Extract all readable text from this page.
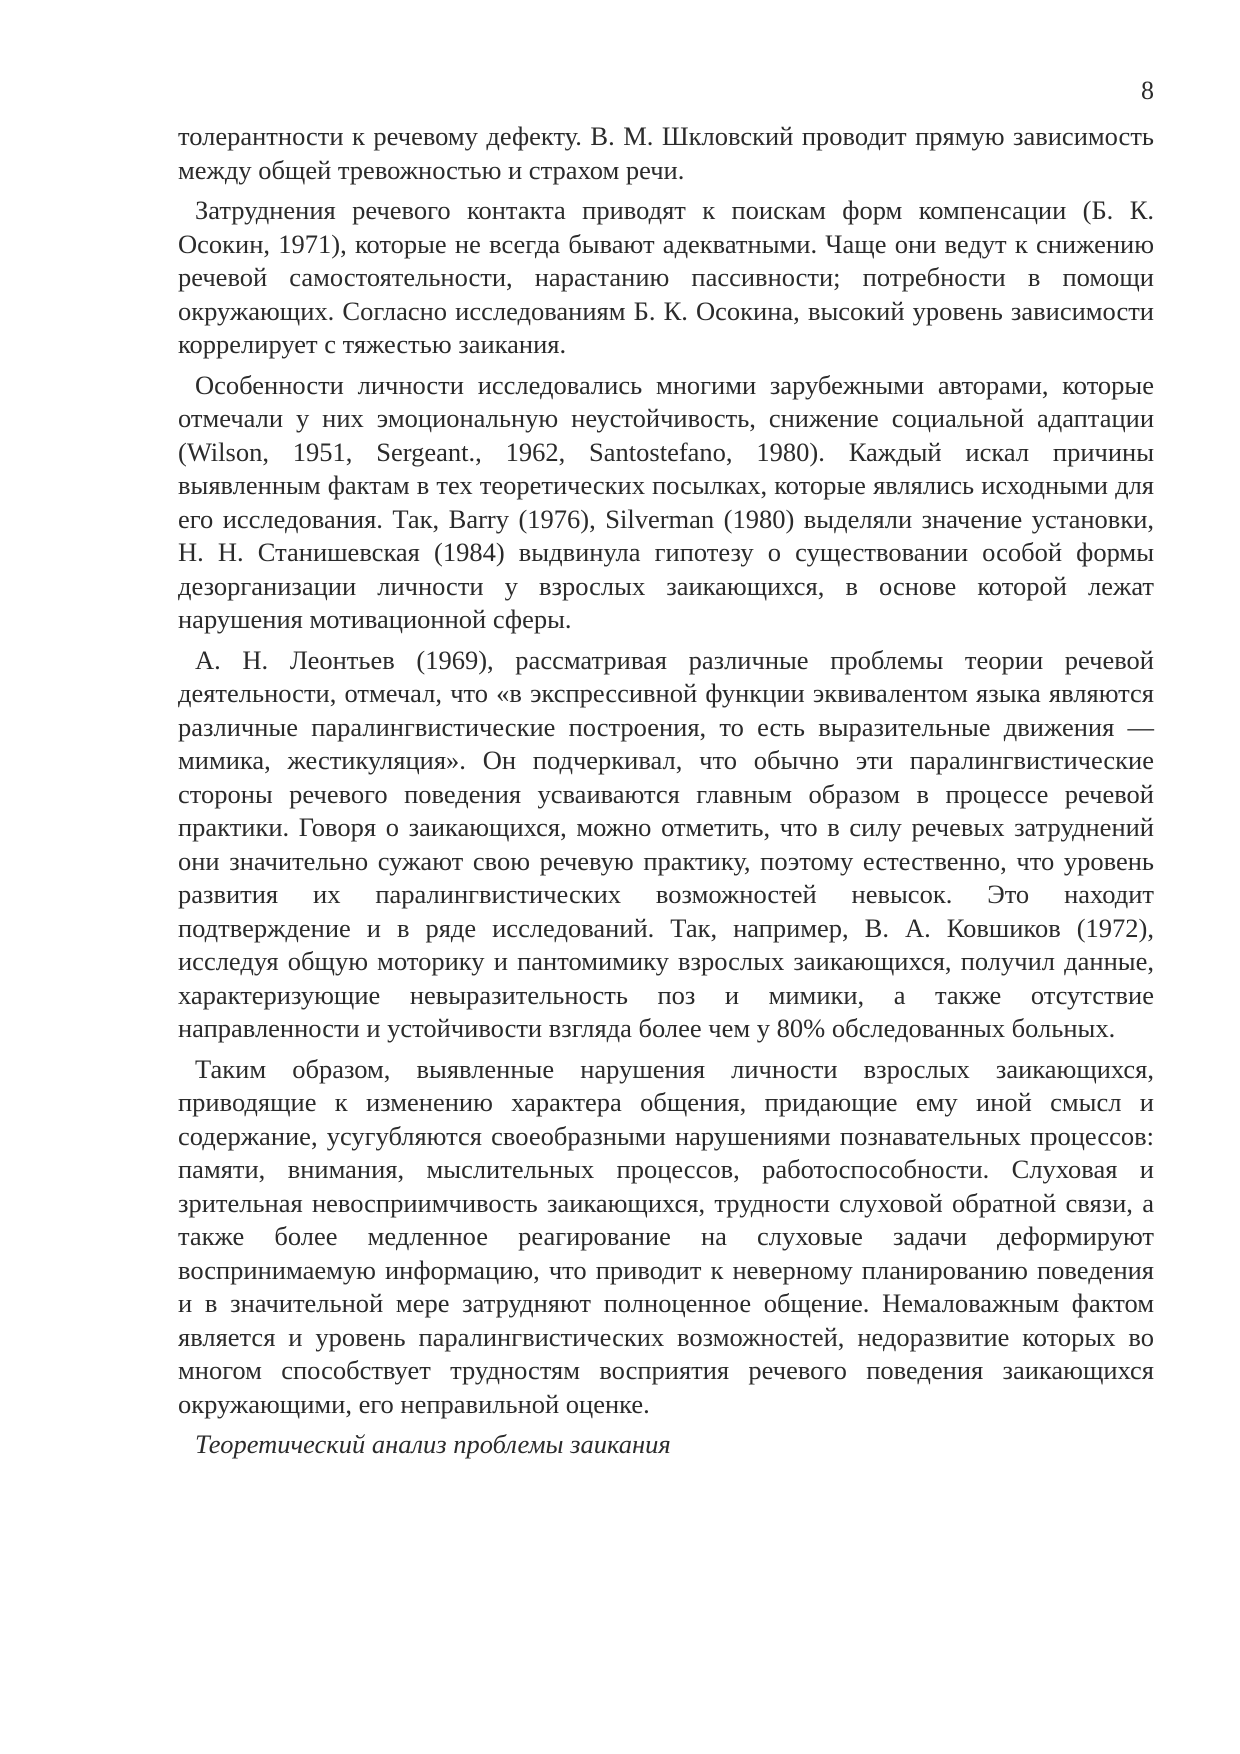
8

толерантности к речевому дефекту. В. М. Шкловский проводит прямую зависимость между общей тревожностью и страхом речи.

Затруднения речевого контакта приводят к поискам форм компенсации (Б. К. Осокин, 1971), которые не всегда бывают адекватными. Чаще они ведут к снижению речевой самостоятельности, нарастанию пассивности; потребности в помощи окружающих. Согласно исследованиям Б. К. Осокина, высокий уровень зависимости коррелирует с тяжестью заикания.

Особенности личности исследовались многими зарубежными авторами, которые отмечали у них эмоциональную неустойчивость, снижение социальной адаптации (Wilson, 1951, Sergeant., 1962, Santostefano, 1980). Каждый искал причины выявленным фактам в тех теоретических посылках, которые являлись исходными для его исследования. Так, Barry (1976), Silverman (1980) выделяли значение установки, Н. Н. Станишевская (1984) выдвинула гипотезу о существовании особой формы дезорганизации личности у взрослых заикающихся, в основе которой лежат нарушения мотивационной сферы.

А. Н. Леонтьев (1969), рассматривая различные проблемы теории речевой деятельности, отмечал, что «в экспрессивной функции эквивалентом языка являются различные паралингвистические построения, то есть выразительные движения — мимика, жестикуляция». Он подчеркивал, что обычно эти паралингвистические стороны речевого поведения усваиваются главным образом в процессе речевой практики. Говоря о заикающихся, можно отметить, что в силу речевых затруднений они значительно сужают свою речевую практику, поэтому естественно, что уровень развития их паралингвистических возможностей невысок. Это находит подтверждение и в ряде исследований. Так, например, В. А. Ковшиков (1972), исследуя общую моторику и пантомимику взрослых заикающихся, получил данные, характеризующие невыразительность поз и мимики, а также отсутствие направленности и устойчивости взгляда более чем у 80% обследованных больных.

Таким образом, выявленные нарушения личности взрослых заикающихся, приводящие к изменению характера общения, придающие ему иной смысл и содержание, усугубляются своеобразными нарушениями познавательных процессов: памяти, внимания, мыслительных процессов, работоспособности. Слуховая и зрительная невосприимчивость заикающихся, трудности слуховой обратной связи, а также более медленное реагирование на слуховые задачи деформируют воспринимаемую информацию, что приводит к неверному планированию поведения и в значительной мере затрудняют полноценное общение. Немаловажным фактом является и уровень паралингвистических возможностей, недоразвитие которых во многом способствует трудностям восприятия речевого поведения заикающихся окружающими, его неправильной оценке.

Теоретический анализ проблемы заикания
